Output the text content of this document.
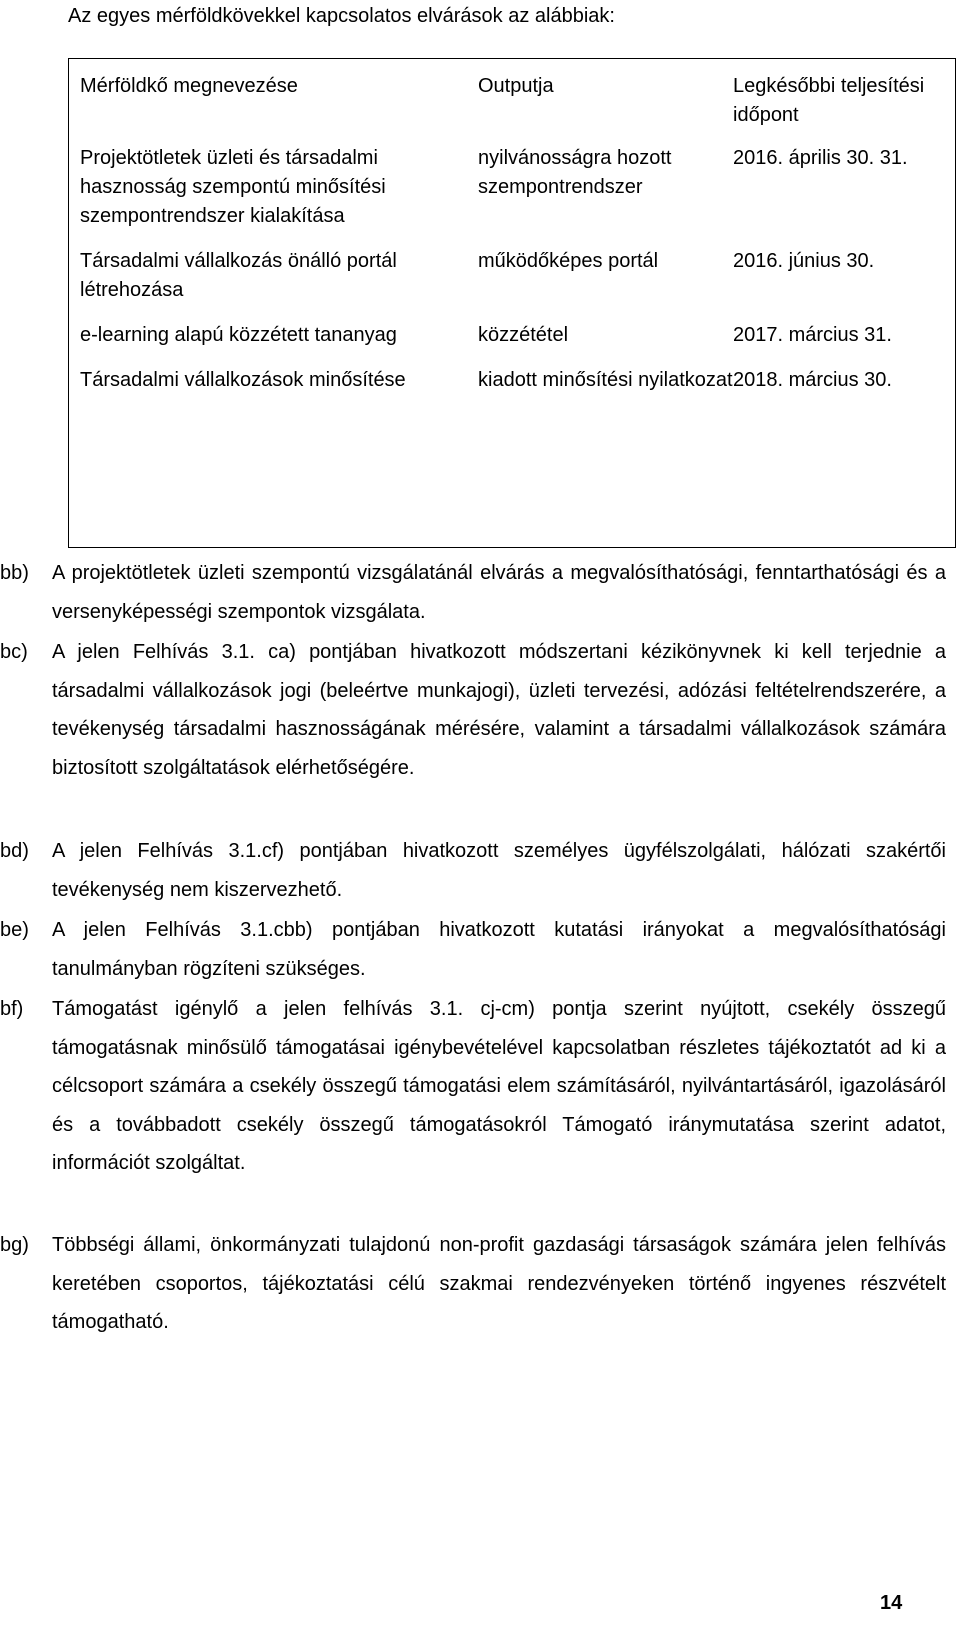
Az egyes mérföldkövekkel kapcsolatos elvárások az alábbiak:
Mérföldkő megnevezése	Outputja	Legkésőbbi teljesítési időpont
Projektötletek üzleti és társadalmi hasznosság szempontú minősítési szempontrendszer kialakítása	nyilvánosságra hozott szempontrendszer	2016. április 30. 31.
Társadalmi vállalkozás önálló portál létrehozása	működőképes portál	2016. június 30.
e-learning alapú közzétett tananyag	közzététel	2017. március 31.
Társadalmi vállalkozások minősítése	kiadott minősítési nyilatkozat	2018. március 30.
bb)	A projektötletek üzleti szempontú vizsgálatánál elvárás a megvalósíthatósági, fenntarthatósági és a versenyképességi szempontok vizsgálata.
bc)	A jelen Felhívás 3.1. ca) pontjában hivatkozott módszertani kézikönyvnek ki kell terjednie a társadalmi vállalkozások jogi (beleértve munkajogi), üzleti tervezési, adózási feltételrendszerére, a tevékenység társadalmi hasznosságának mérésére, valamint a társadalmi vállalkozások számára biztosított szolgáltatások elérhetőségére.
bd)	A jelen Felhívás 3.1.cf) pontjában hivatkozott személyes ügyfélszolgálati, hálózati szakértői tevékenység nem kiszervezhető.
be)	A jelen Felhívás 3.1.cbb) pontjában hivatkozott kutatási irányokat a megvalósíthatósági tanulmányban rögzíteni szükséges.
bf)	Támogatást igénylő a jelen felhívás 3.1. cj-cm) pontja szerint nyújtott, csekély összegű támogatásnak minősülő támogatásai igénybevételével kapcsolatban részletes tájékoztatót ad ki a célcsoport számára a csekély összegű támogatási elem számításáról, nyilvántartásáról, igazolásáról és a továbbadott csekély összegű támogatásokról Támogató iránymutatása szerint adatot, információt szolgáltat.
bg)	Többségi állami, önkormányzati tulajdonú non-profit gazdasági társaságok számára jelen felhívás keretében csoportos, tájékoztatási célú szakmai rendezvényeken történő ingyenes részvételt támogatható.
14
